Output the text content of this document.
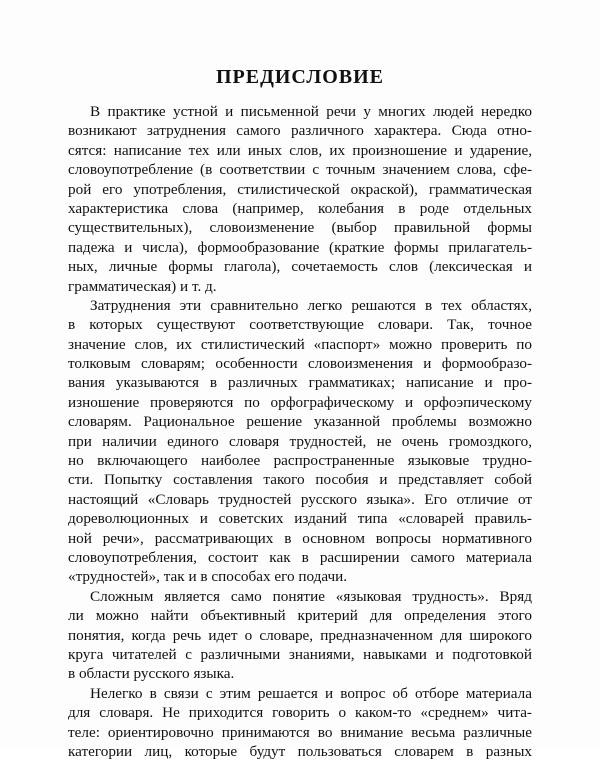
ПРЕДИСЛОВИЕ
В практике устной и письменной речи у многих людей нередко
возникают затруднения самого различного характера. Сюда отно-
сятся: написание тех или иных слов, их произношение и ударение,
словоупотребление (в соответствии с точным значением слова, сфе-
рой его употребления, стилистической окраской), грамматическая
характеристика слова (например, колебания в роде отдельных
существительных), словоизменение (выбор правильной формы
падежа и числа), формообразование (краткие формы прилагатель-
ных, личные формы глагола), сочетаемость слов (лексическая и
грамматическая) и т. д.
Затруднения эти сравнительно легко решаются в тех областях,
в которых существуют соответствующие словари. Так, точное
значение слов, их стилистический «паспорт» можно проверить по
толковым словарям; особенности словоизменения и формообразо-
вания указываются в различных грамматиках; написание и про-
изношение проверяются по орфографическому и орфоэпическому
словарям. Рациональное решение указанной проблемы возможно
при наличии единого словаря трудностей, не очень громоздкого,
но включающего наиболее распространенные языковые трудно-
сти. Попытку составления такого пособия и представляет собой
настоящий «Словарь трудностей русского языка». Его отличие от
дореволюционных и советских изданий типа «словарей правиль-
ной речи», рассматривающих в основном вопросы нормативного
словоупотребления, состоит как в расширении самого материала
«трудностей», так и в способах его подачи.
Сложным является само понятие «языковая трудность». Вряд
ли можно найти объективный критерий для определения этого
понятия, когда речь идет о словаре, предназначенном для широкого
круга читателей с различными знаниями, навыками и подготовкой
в области русского языка.
Нелегко в связи с этим решается и вопрос об отборе материала
для словаря. Не приходится говорить о каком-то «среднем» чита-
теле: ориентировочно принимаются во внимание весьма различные
категории лиц, которые будут пользоваться словарем в разных
